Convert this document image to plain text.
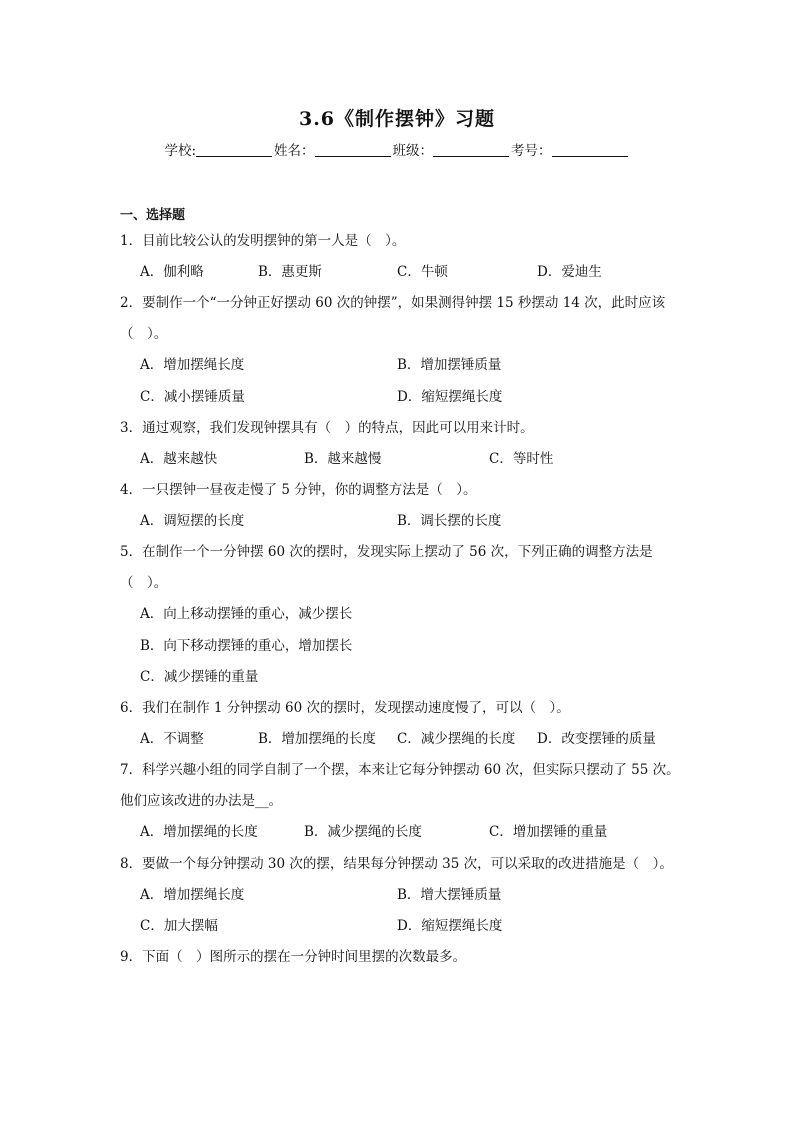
3.6《制作摆钟》习题
学校:	姓名：	班级：	考号：
一、选择题
1．目前比较公认的发明摆钟的第一人是（　）。
A．伽利略	B．惠更斯	C．牛顿	D．爱迪生
2．要制作一个“一分钟正好摆动 60 次的钟摆”，如果测得钟摆 15 秒摆动 14 次，此时应该
（　）。
A．增加摆绳长度	B．增加摆锤质量
C．减小摆锤质量	D．缩短摆绳长度
3．通过观察，我们发现钟摆具有（　）的特点，因此可以用来计时。
A．越来越快	B．越来越慢	C．等时性
4．一只摆钟一昼夜走慢了 5 分钟，你的调整方法是（　）。
A．调短摆的长度	B．调长摆的长度
5．在制作一个一分钟摆 60 次的摆时，发现实际上摆动了 56 次，下列正确的调整方法是
（　）。
A．向上移动摆锤的重心，减少摆长
B．向下移动摆锤的重心，增加摆长
C．减少摆锤的重量
6．我们在制作 1 分钟摆动 60 次的摆时，发现摆动速度慢了，可以（　）。
A．不调整	B．增加摆绳的长度 C．减少摆绳的长度 D．改变摆锤的质量
7．科学兴趣小组的同学自制了一个摆，本来让它每分钟摆动 60 次，但实际只摆动了 55 次。
他们应该改进的办法是__。
A．增加摆绳的长度	B．减少摆绳的长度	C．增加摆锤的重量
8．要做一个每分钟摆动 30 次的摆，结果每分钟摆动 35 次，可以采取的改进措施是（　）。
A．增加摆绳长度	B．增大摆锤质量
C．加大摆幅	D．缩短摆绳长度
9．下面（　）图所示的摆在一分钟时间里摆的次数最多。
